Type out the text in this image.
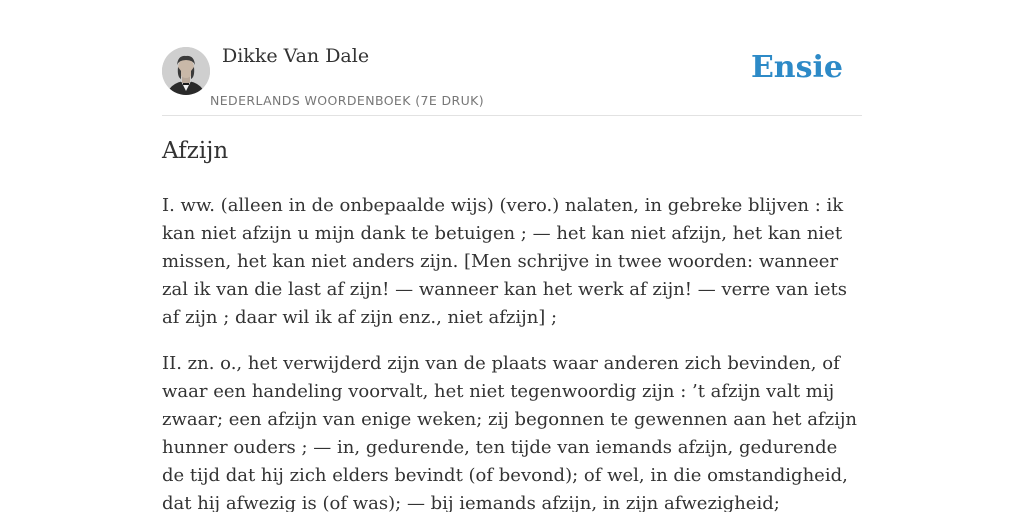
Dikke Van Dale
NEDERLANDS WOORDENBOEK (7E DRUK)
Ensie
Afzijn

I. ww. (alleen in de onbepaalde wijs) (vero.) nalaten, in gebreke blijven : ik kan niet afzijn u mijn dank te betuigen ; — het kan niet afzijn, het kan niet missen, het kan niet anders zijn. [Men schrijve in twee woorden: wanneer zal ik van die last af zijn! — wanneer kan het werk af zijn! — verre van iets af zijn ; daar wil ik af zijn enz., niet afzijn] ;

II. zn. o., het verwijderd zijn van de plaats waar anderen zich bevinden, of waar een handeling voorvalt, het niet tegenwoordig zijn : ’t afzijn valt mij zwaar; een afzijn van enige weken; zij begonnen te gewennen aan het afzijn hunner ouders ; — in, gedurende, ten tijde van iemands afzijn, gedurende de tijd dat hij zich elders bevindt (of bevond); of wel, in die omstandigheid, dat hij afwezig is (of was); — bij iemands afzijn, in zijn afwezigheid;
